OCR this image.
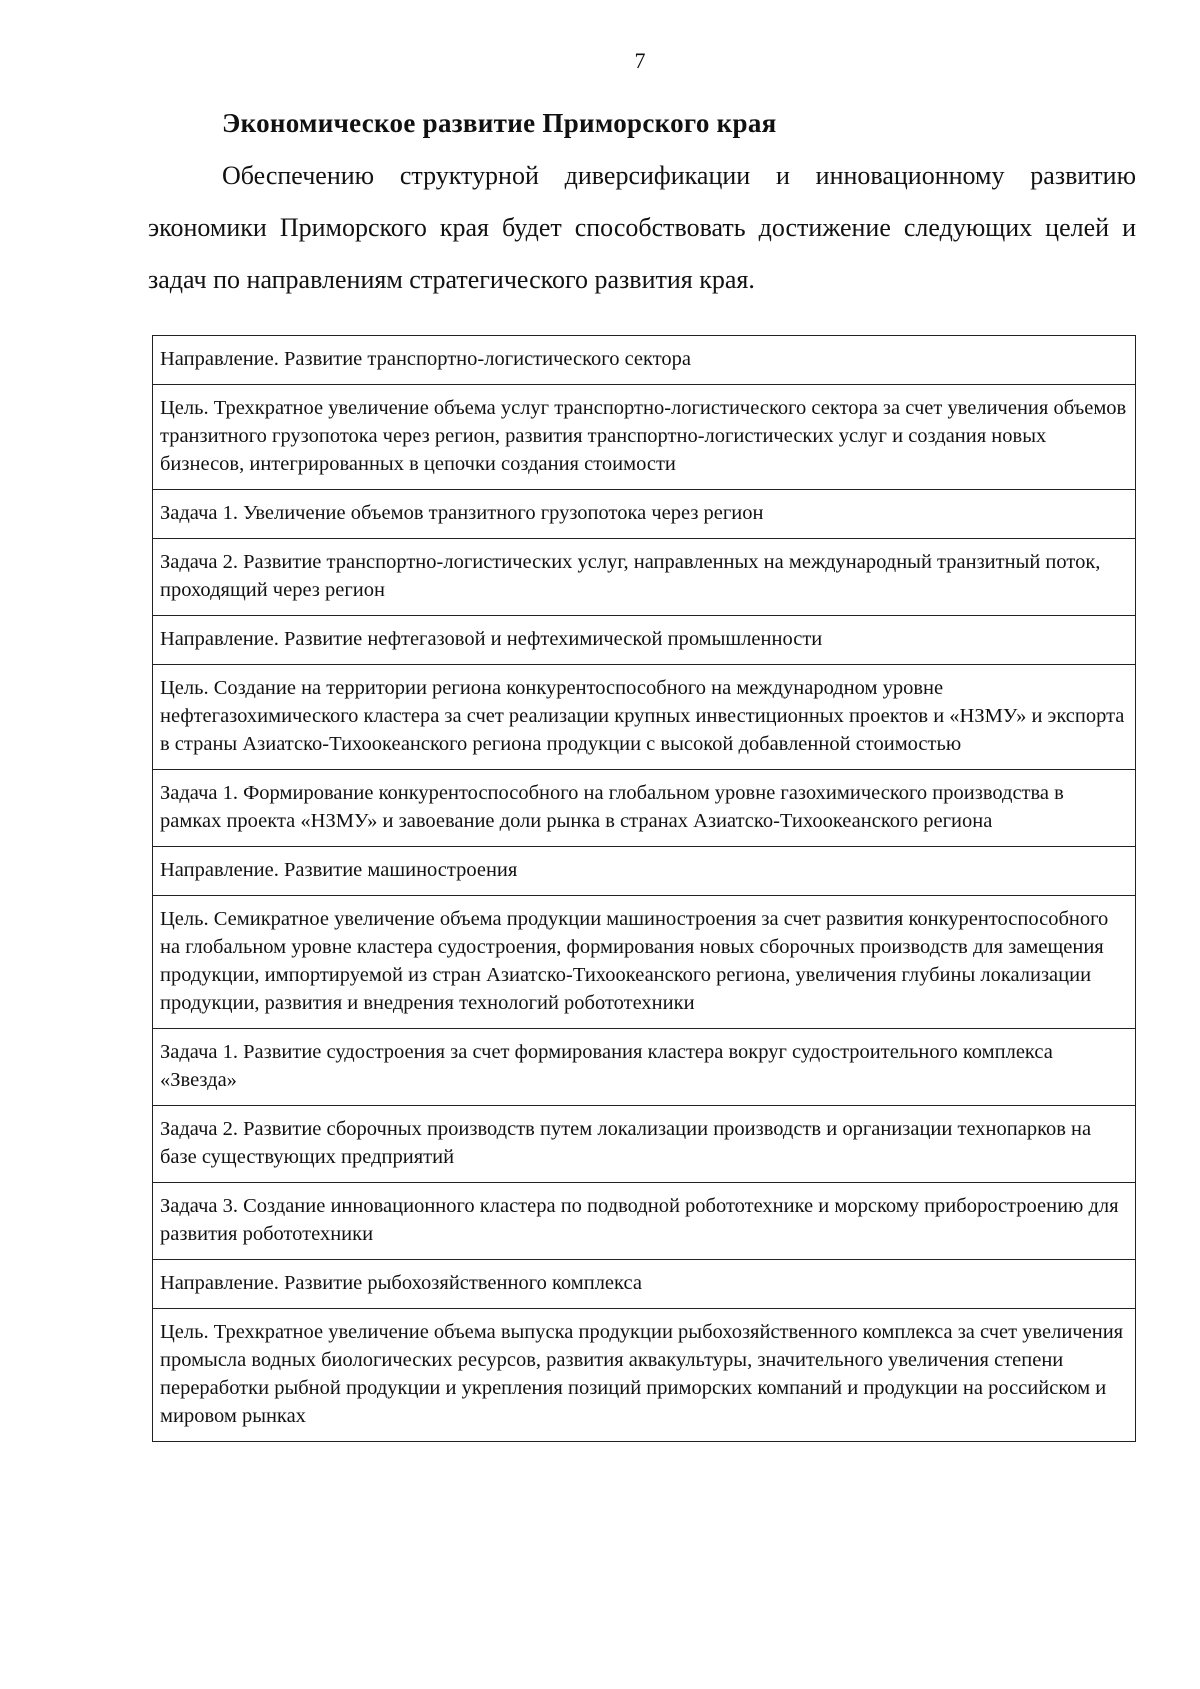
7
Экономическое развитие Приморского края

Обеспечению структурной диверсификации и инновационному развитию экономики Приморского края будет способствовать достижение следующих целей и задач по направлениям стратегического развития края.

Направление. Развитие транспортно-логистического сектора
Цель. Трехкратное увеличение объема услуг транспортно-логистического сектора за счет увеличения объемов транзитного грузопотока через регион, развития транспортно-логистических услуг и создания новых бизнесов, интегрированных в цепочки создания стоимости
Задача 1. Увеличение объемов транзитного грузопотока через регион
Задача 2. Развитие транспортно-логистических услуг, направленных на международный транзитный поток, проходящий через регион
Направление. Развитие нефтегазовой и нефтехимической промышленности
Цель. Создание на территории региона конкурентоспособного на международном уровне нефтегазохимического кластера за счет реализации крупных инвестиционных проектов и «НЗМУ» и экспорта в страны Азиатско-Тихоокеанского региона продукции с высокой добавленной стоимостью
Задача 1. Формирование конкурентоспособного на глобальном уровне газохимического производства в рамках проекта «НЗМУ» и завоевание доли рынка в странах Азиатско-Тихоокеанского региона
Направление. Развитие машиностроения
Цель. Семикратное увеличение объема продукции машиностроения за счет развития конкурентоспособного на глобальном уровне кластера судостроения, формирования новых сборочных производств для замещения продукции, импортируемой из стран Азиатско-Тихоокеанского региона, увеличения глубины локализации продукции, развития и внедрения технологий робототехники
Задача 1. Развитие судостроения за счет формирования кластера вокруг судостроительного комплекса «Звезда»
Задача 2. Развитие сборочных производств путем локализации производств и организации технопарков на базе существующих предприятий
Задача 3. Создание инновационного кластера по подводной робототехнике и морскому приборостроению для развития робототехники
Направление. Развитие рыбохозяйственного комплекса
Цель. Трехкратное увеличение объема выпуска продукции рыбохозяйственного комплекса за счет увеличения промысла водных биологических ресурсов, развития аквакультуры, значительного увеличения степени переработки рыбной продукции и укрепления позиций приморских компаний и продукции на российском и мировом рынках
